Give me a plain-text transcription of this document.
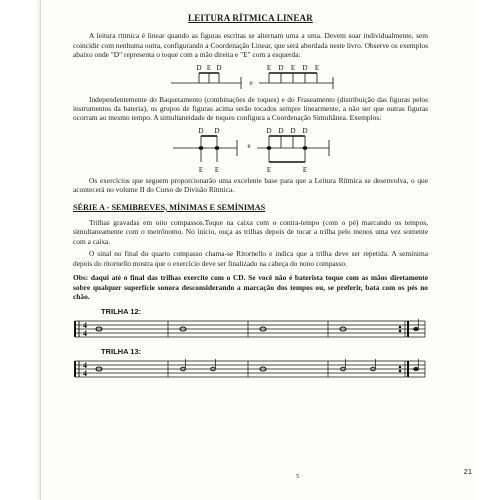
LEITURA RÍTMICA LINEAR

A leitura rítmica é linear quando as figuras escritas se alternam uma a uma. Devem soar individualmente, sem coincidir com nenhuma outra, configurando a Coordenação Linear, que será abordada neste livro. Observe os exemplos abaixo onde "D" representa o toque com a mão direita e "E" com a esquerda:

D E D
e
E D E D E

Independentemente do Baquetamento (combinações de toques) e do Fraseamento (distribuição das figuras pelos instrumentos da bateria), os grupos de figuras acima serão tocados sempre linearmente, a não ser que outras figuras ocorram ao mesmo tempo. A simultaneidade de toques configura a Coordenação Simultânea. Exemplos:

D D	D D D D
e
E E	E	E

Os exercícios que seguem proporcionarão uma excelente base para que a Leitura Rítmica se desenvolva, o que acontecerá no volume II do Curso de Divisão Rítmica.

SÉRIE A - SEMIBREVES, MÍNIMAS E SEMÍNIMAS

Trilhas gravadas em oito compassos.Toque na caixa com o contra-tempo (com o pé) marcando os tempos, simultaneamente com o metrônomo. No início, ouça as trilhas depois de tocar a trilha pelo menos uma vez somente com a caixa.

O sinal no final do quarto compasso chama-se Ritornello e indica que a trilha deve ser repetida. A semínima depois do ritornello mostra que o exercício deve ser finalizado na cabeça do nono compasso.

Obs: daqui até o final das trilhas exercite com o CD. Se você não é baterista toque com as mãos diretamente sobre qualquer superfície sonora desconsiderando a marcação dos tempos ou, se preferir, bata com os pés no chão.

TRILHA 12:
4
4
TRILHA 13:
4
4
5
21
